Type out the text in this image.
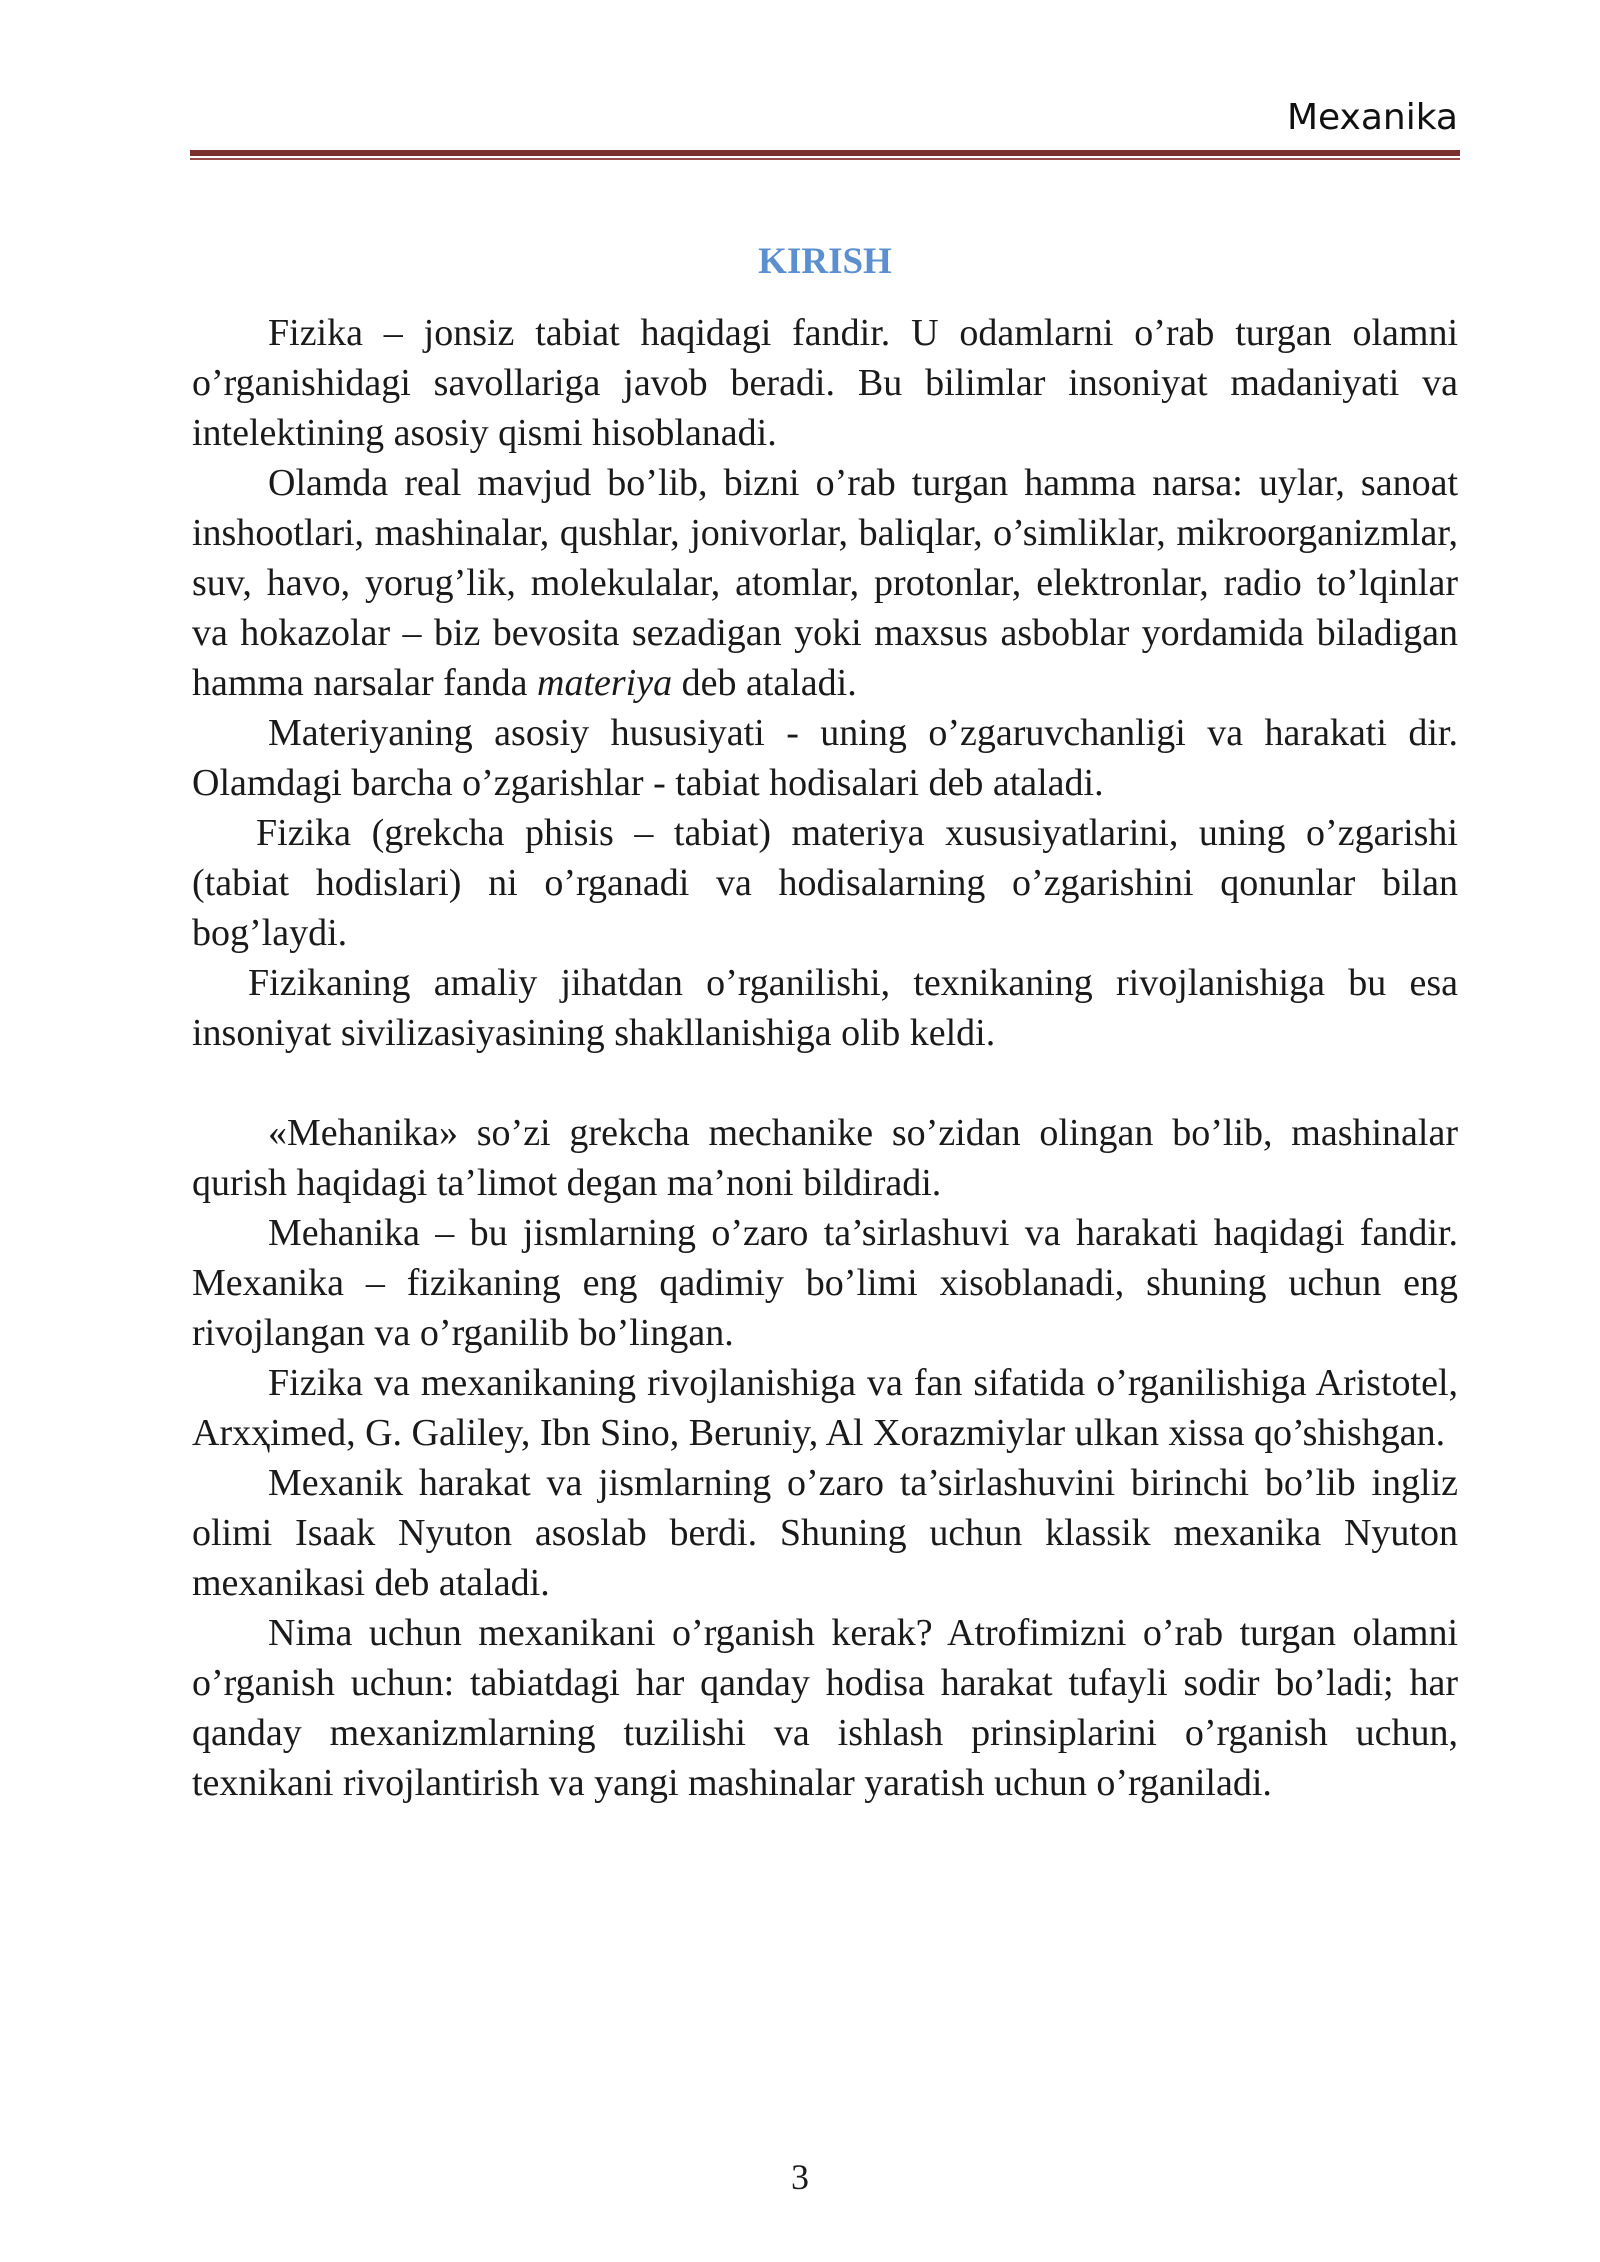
Mexanika
KIRISH

Fizika – jonsiz tabiat haqidagi fandir. U odamlarni o’rab turgan olamni o’rganishidagi savollariga javob beradi. Bu bilimlar insoniyat madaniyati va intelektining asosiy qismi hisoblanadi.

Olamda real mavjud bo’lib, bizni o’rab turgan hamma narsa: uylar, sanoat inshootlari, mashinalar, qushlar, jonivorlar, baliqlar, o’simliklar, mikroorganizmlar, suv, havo, yorug’lik, molekulalar, atomlar, protonlar, elektronlar, radio to’lqinlar va hokazolar – biz bevosita sezadigan yoki maxsus asboblar yordamida biladigan hamma narsalar fanda materiya deb ataladi.

Materiyaning asosiy hususiyati - uning o’zgaruvchanligi va harakati dir. Olamdagi barcha o’zgarishlar - tabiat hodisalari deb ataladi.

Fizika (grekcha phisis – tabiat) materiya xususiyatlarini, uning o’zgarishi (tabiat hodislari) ni o’rganadi va hodisalarning o’zgarishini qonunlar bilan bog’laydi.

Fizikaning amaliy jihatdan o’rganilishi, texnikaning rivojlanishiga bu esa insoniyat sivilizasiyasining shakllanishiga olib keldi.

«Mehanika» so’zi grekcha mechanike so’zidan olingan bo’lib, mashinalar qurish haqidagi ta’limot degan ma’noni bildiradi.

Mehanika – bu jismlarning o’zaro ta’sirlashuvi va harakati haqidagi fandir. Mexanika – fizikaning eng qadimiy bo’limi xisoblanadi, shuning uchun eng rivojlangan va o’rganilib bo’lingan.

Fizika va mexanikaning rivojlanishiga va fan sifatida o’rganilishiga Aristotel, Arxҳimed, G. Galiley, Ibn Sino, Beruniy, Al Xorazmiylar ulkan xissa qo’shishgan.

Mexanik harakat va jismlarning o’zaro ta’sirlashuvini birinchi bo’lib ingliz olimi Isaak Nyuton asoslab berdi. Shuning uchun klassik mexanika Nyuton mexanikasi deb ataladi.

Nima uchun mexanikani o’rganish kerak? Atrofimizni o’rab turgan olamni o’rganish uchun: tabiatdagi har qanday hodisa harakat tufayli sodir bo’ladi; har qanday mexanizmlarning tuzilishi va ishlash prinsiplarini o’rganish uchun, texnikani rivojlantirish va yangi mashinalar yaratish uchun o’rganiladi.

3
